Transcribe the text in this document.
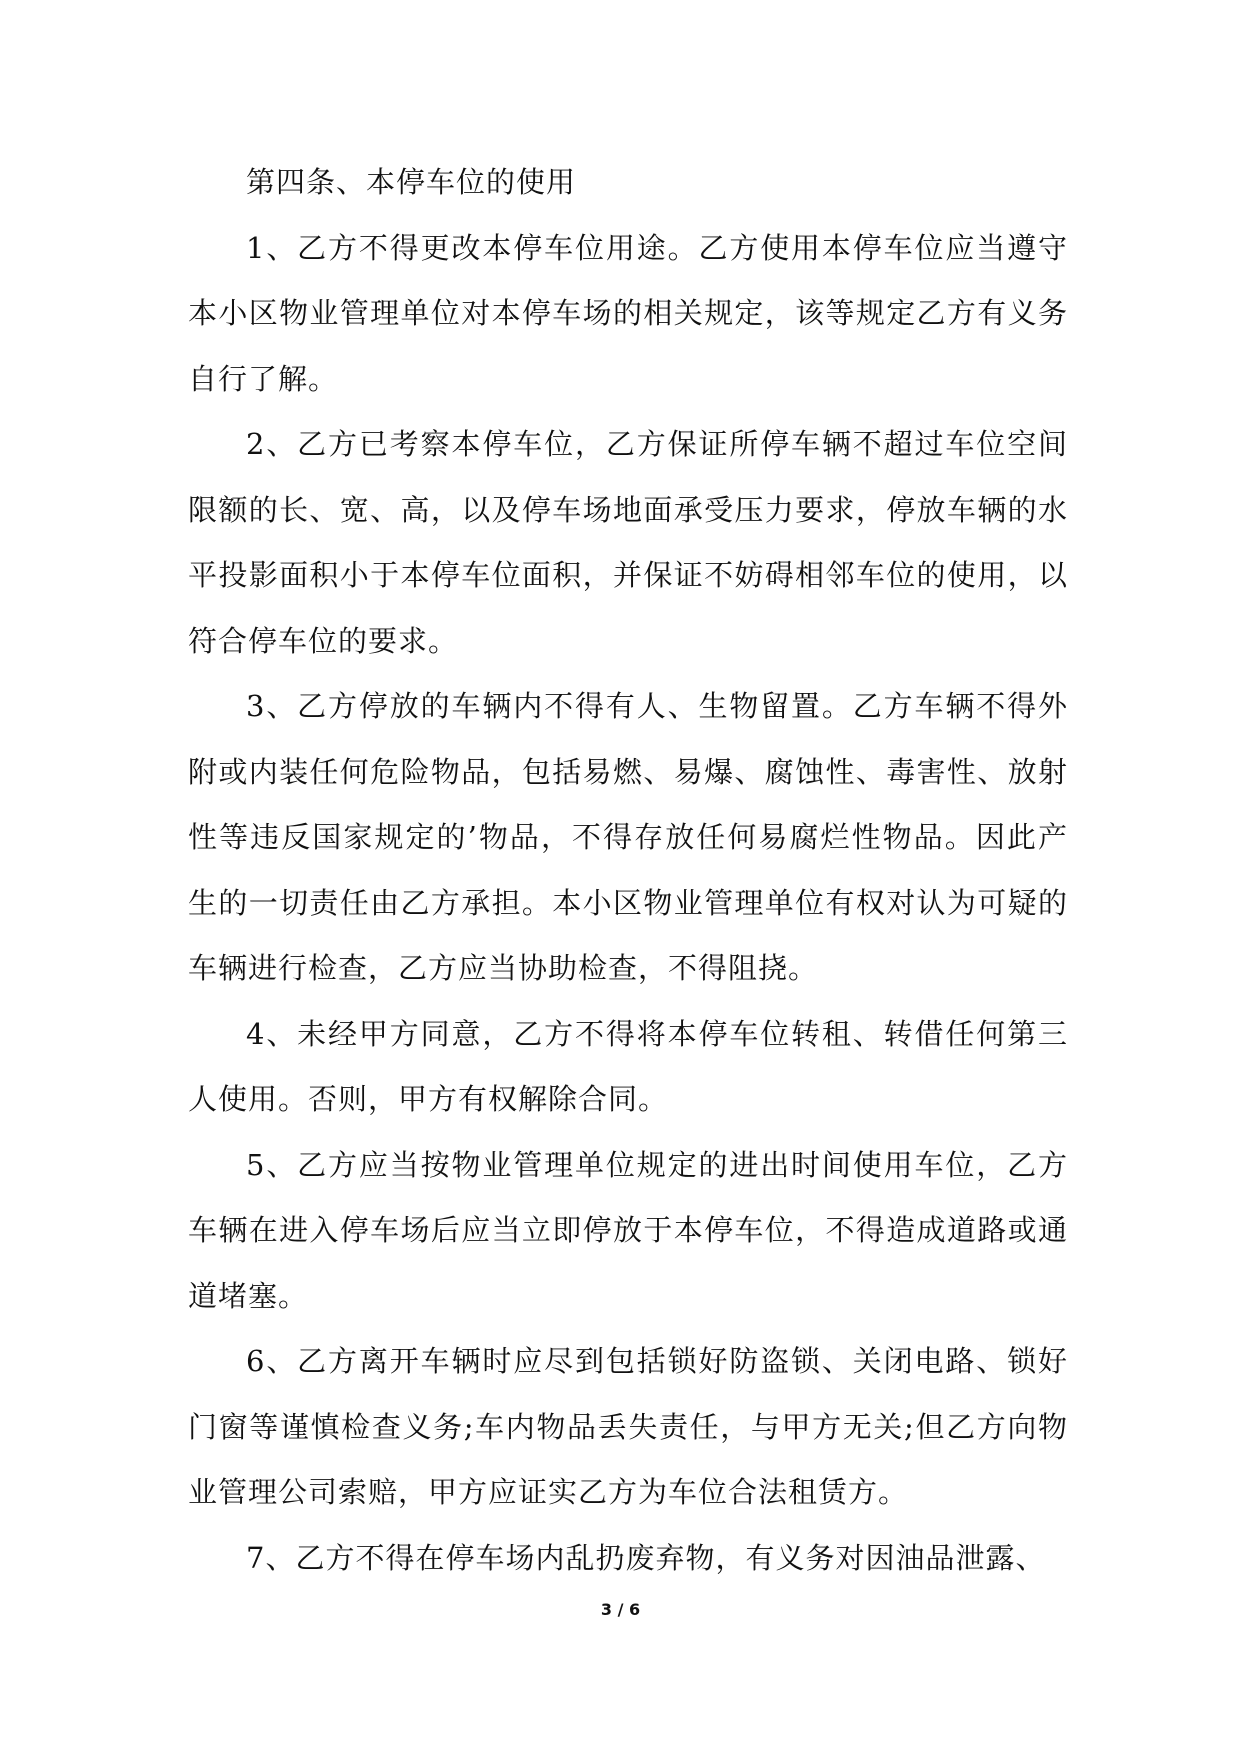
第四条、本停车位的使用

1、乙方不得更改本停车位用途。乙方使用本停车位应当遵守本小区物业管理单位对本停车场的相关规定，该等规定乙方有义务自行了解。

2、乙方已考察本停车位，乙方保证所停车辆不超过车位空间限额的长、宽、高，以及停车场地面承受压力要求，停放车辆的水平投影面积小于本停车位面积，并保证不妨碍相邻车位的使用，以符合停车位的要求。

3、乙方停放的车辆内不得有人、生物留置。乙方车辆不得外附或内装任何危险物品，包括易燃、易爆、腐蚀性、毒害性、放射性等违反国家规定的’物品，不得存放任何易腐烂性物品。因此产生的一切责任由乙方承担。本小区物业管理单位有权对认为可疑的车辆进行检查，乙方应当协助检查，不得阻挠。

4、未经甲方同意，乙方不得将本停车位转租、转借任何第三人使用。否则，甲方有权解除合同。

5、乙方应当按物业管理单位规定的进出时间使用车位，乙方车辆在进入停车场后应当立即停放于本停车位，不得造成道路或通道堵塞。

6、乙方离开车辆时应尽到包括锁好防盗锁、关闭电路、锁好门窗等谨慎检查义务;车内物品丢失责任，与甲方无关;但乙方向物业管理公司索赔，甲方应证实乙方为车位合法租赁方。

7、乙方不得在停车场内乱扔废弃物，有义务对因油品泄露、

3 / 6
